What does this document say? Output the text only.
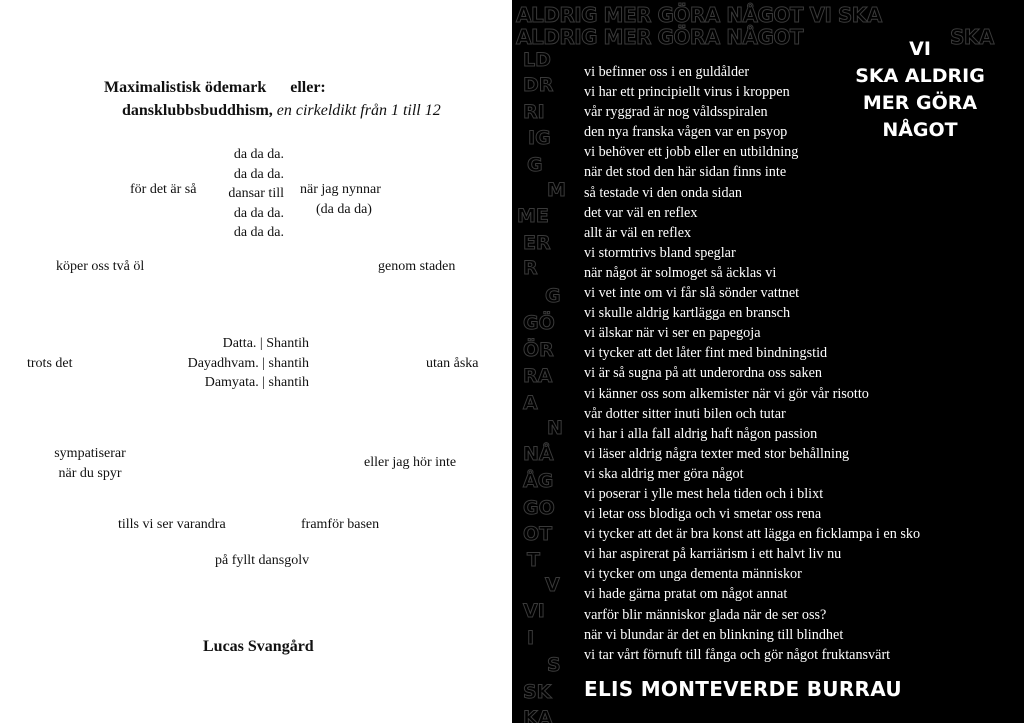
Maximalistisk ödemark eller:
dansklubbsbuddhism, en cirkeldikt från 1 till 12
da da da.
da da da.
dansar till
da da da.
da da da.
för det är så	när jag nynnar
(da da da)
köper oss två öl	genom staden
Datta. | Shantih
Dayadhvam. | shantih
Damyata. | shantih
trots det	utan åska
sympatiserar
när du spyr
eller jag hör inte
tills vi ser varandra	framför basen
på fyllt dansgolv
Lucas Svangård
ALDRIG MER GÖRA NÅGOT VI SKA
ALDRIG MER GÖRA NÅGOT	SKA
LD
DR
RI
IG
G
M
ME
ER
R
G
GÖ
ÖR
RA
A
N
NÅ
ÅG
GO
OT
T
V
VI
I
S
SK
KA
VI
SKA ALDRIG
MER GÖRA
NÅGOT
vi befinner oss i en guldålder
vi har ett principiellt virus i kroppen
vår ryggrad är nog våldsspiralen
den nya franska vågen var en psyop
vi behöver ett jobb eller en utbildning
när det stod den här sidan finns inte
så testade vi den onda sidan
det var väl en reflex
allt är väl en reflex
vi stormtrivs bland speglar
när något är solmoget så äcklas vi
vi vet inte om vi får slå sönder vattnet
vi skulle aldrig kartlägga en bransch
vi älskar när vi ser en papegoja
vi tycker att det låter fint med bindningstid
vi är så sugna på att underordna oss saken
vi känner oss som alkemister när vi gör vår risotto
vår dotter sitter inuti bilen och tutar
vi har i alla fall aldrig haft någon passion
vi läser aldrig några texter med stor behållning
vi ska aldrig mer göra något
vi poserar i ylle mest hela tiden och i blixt
vi letar oss blodiga och vi smetar oss rena
vi tycker att det är bra konst att lägga en ficklampa i en sko
vi har aspirerat på karriärism i ett halvt liv nu
vi tycker om unga dementa människor
vi hade gärna pratat om något annat
varför blir människor glada när de ser oss?
när vi blundar är det en blinkning till blindhet
vi tar vårt förnuft till fånga och gör något fruktansvärt
ELIS MONTEVERDE BURRAU
